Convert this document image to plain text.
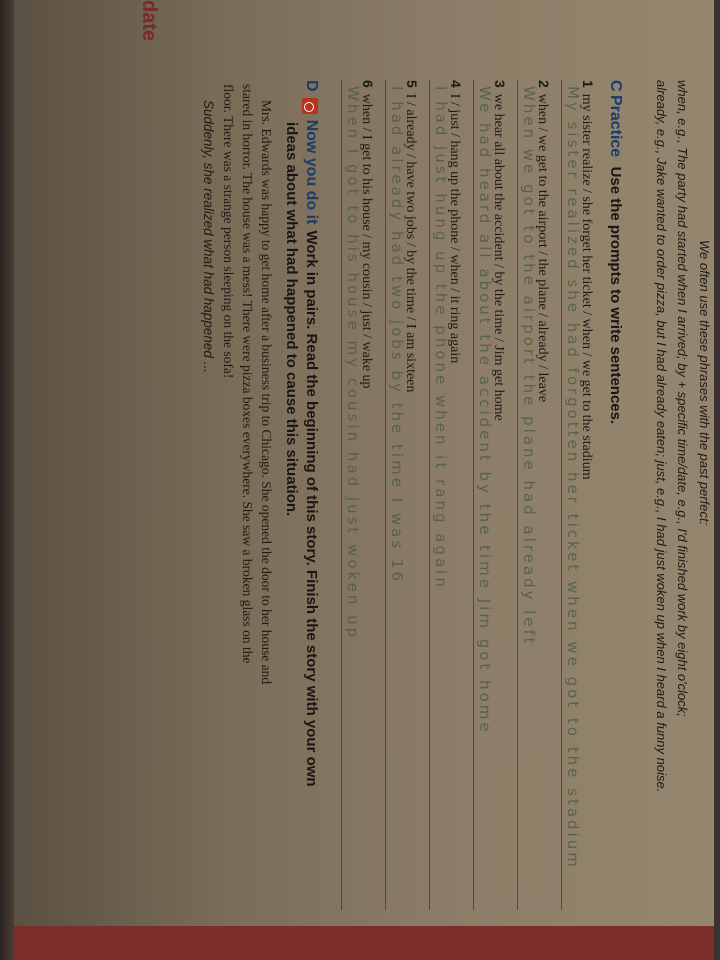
We often use these phrases with the past perfect:
when, e.g., The party had started when I arrived; by + specific time/date, e.g., I'd finished work by eight o'clock;
already, e.g., Jake wanted to order pizza, but I had already eaten; just, e.g., I had just woken up when I heard a funny noise.
C Practice Use the prompts to write sentences.
1my sister realize / she forget her ticket / when / we get to the stadium
My sister realized she had forgotten her ticket when we got to the stadium
2when / we get to the airport / the plane / already / leave
When we got to the airport the plane had already left
3we hear all about the accident / by the time / Jim get home
We had heard all about the accident by the time Jim got home
4I / just / hang up the phone / when / it ring again
I had just hung up the phone when it rang again
5I / already / have two jobs / by the time / I am sixteen
I had already had two jobs by the time I was 16
6when / I get to his house / my cousin / just / wake up
When I got to his house my cousin had just woken up
DNow you do itWork in pairs. Read the beginning of this story. Finish the story with your own
ideas about what had happened to cause this situation.
Mrs. Edwards was happy to get home after a business trip to Chicago. She opened the door to her house and
stared in horror. The house was a mess! There were pizza boxes everywhere. She saw a broken glass on the
floor. There was a strange person sleeping on the sofa!
Suddenly, she realized what had happened ...
date
